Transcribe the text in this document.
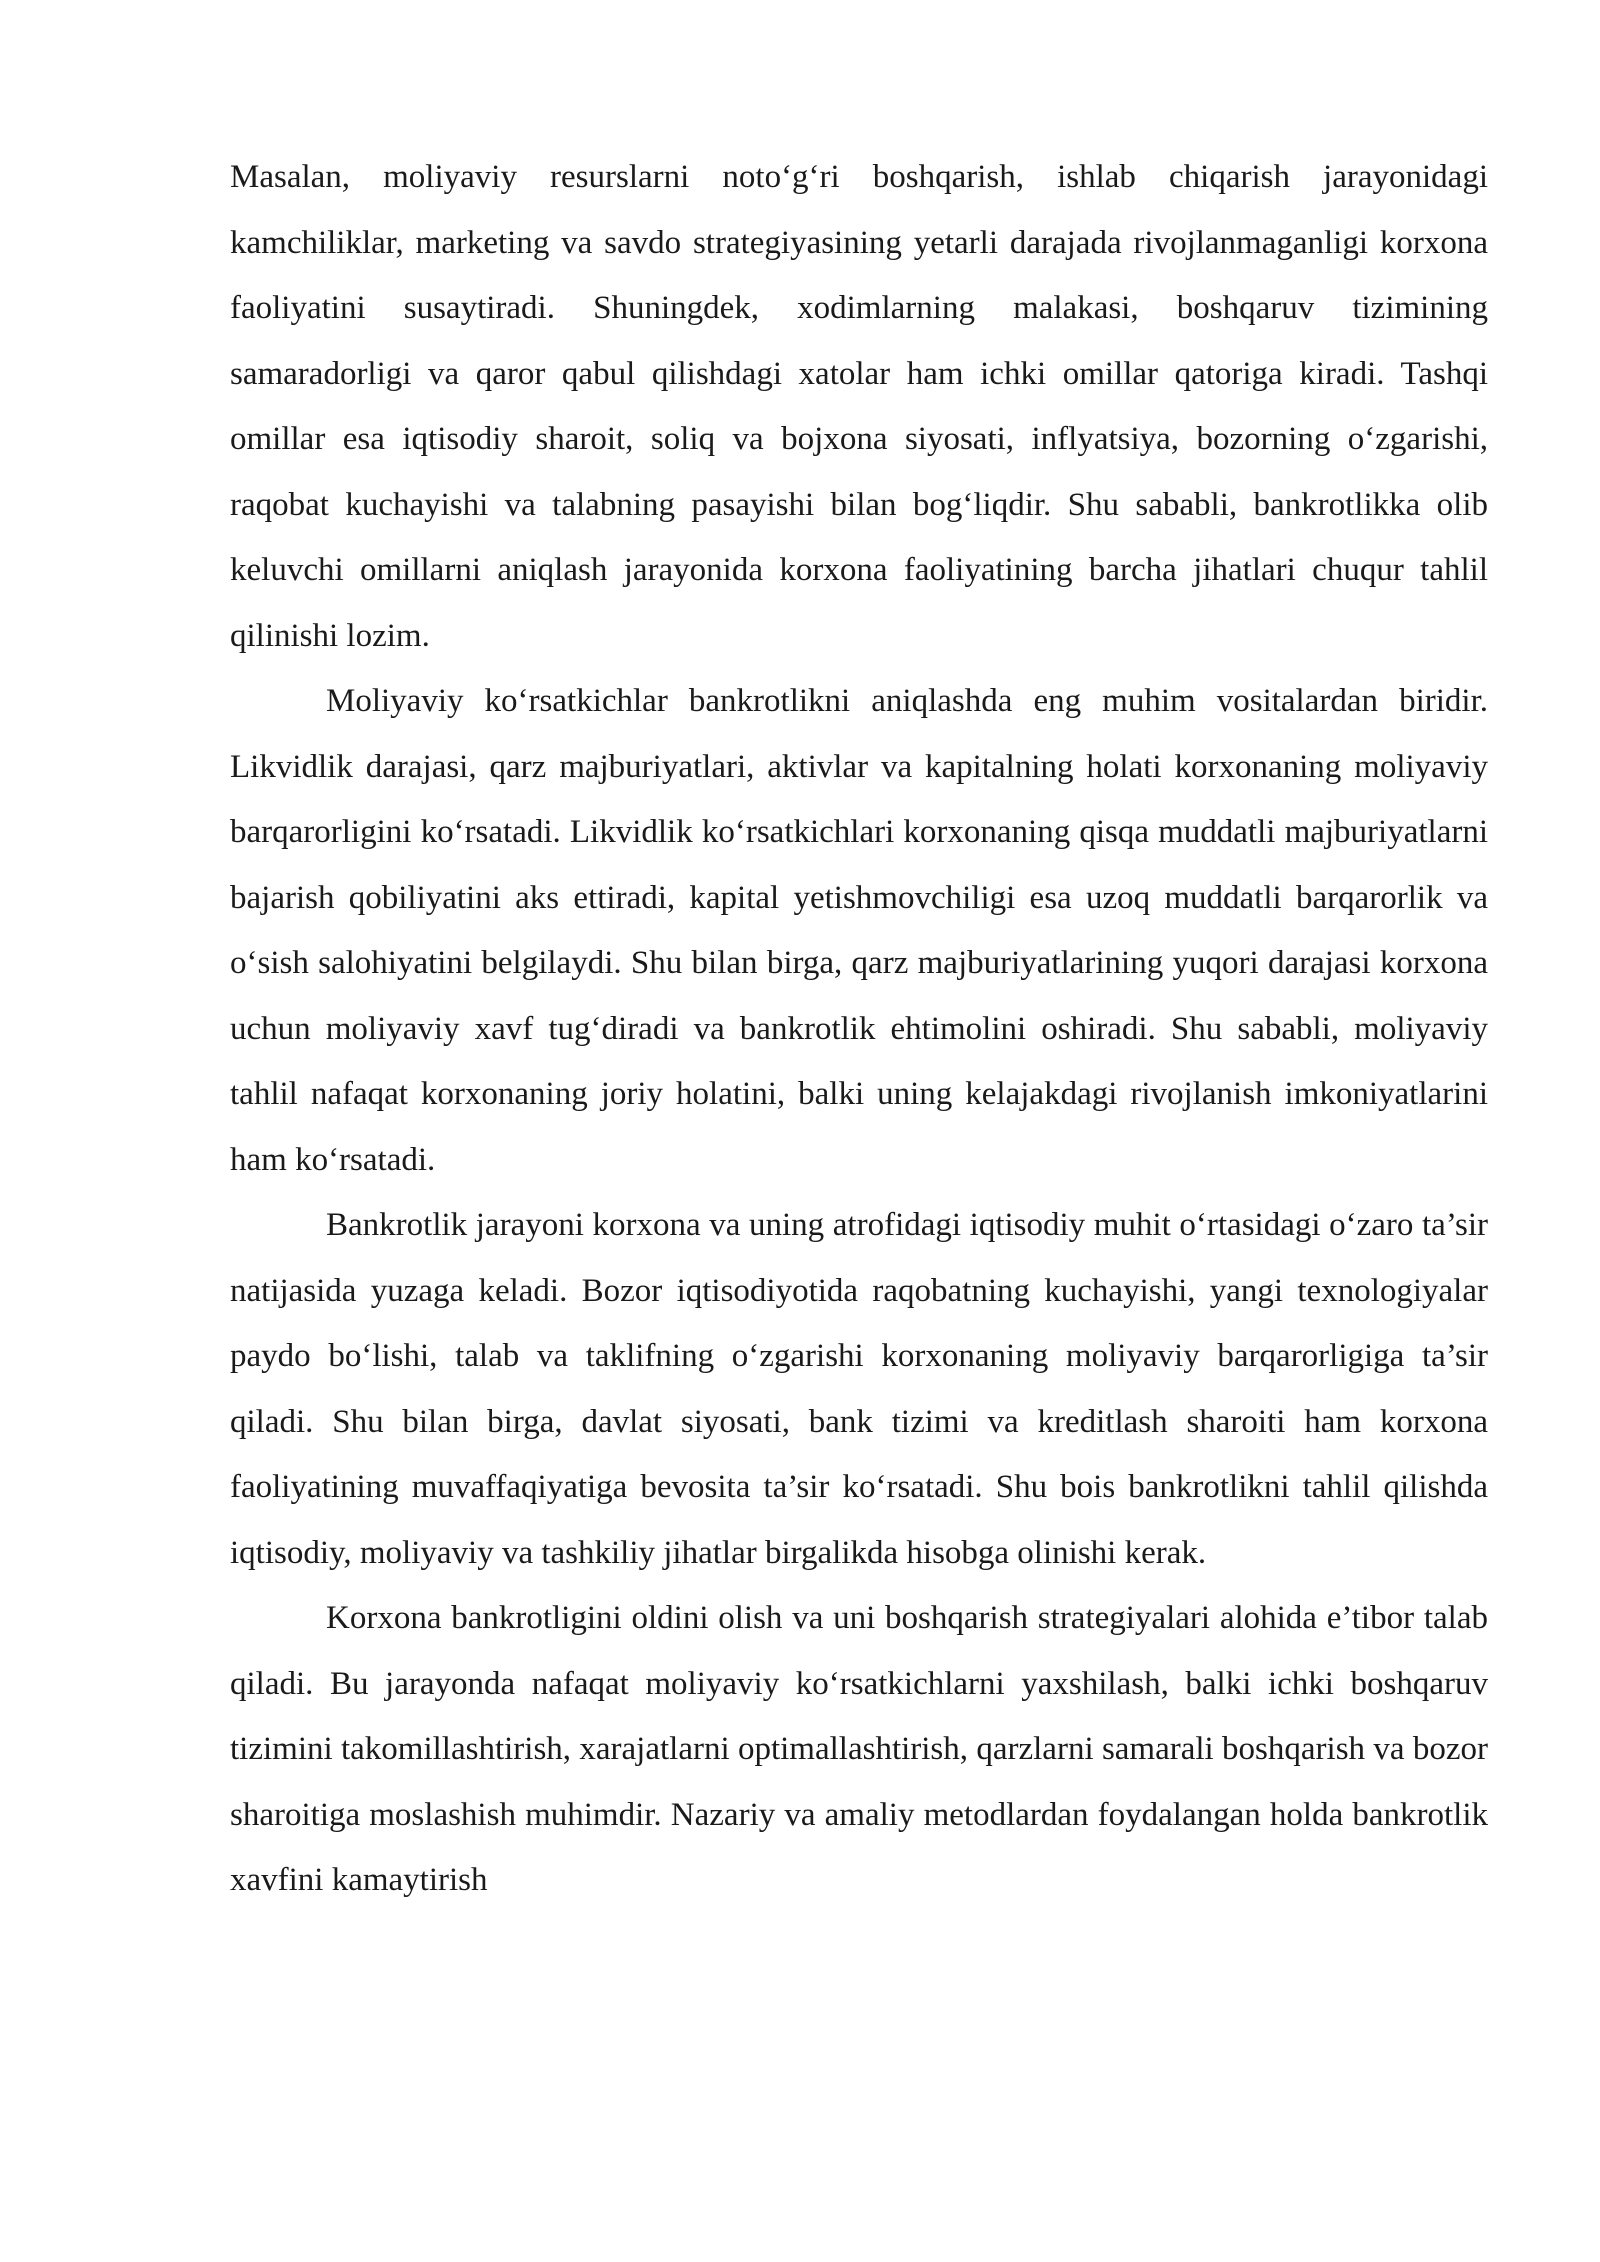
Masalan, moliyaviy resurslarni noto‘g‘ri boshqarish, ishlab chiqarish jarayonidagi kamchiliklar, marketing va savdo strategiyasining yetarli darajada rivojlanmaganligi korxona faoliyatini susaytiradi. Shuningdek, xodimlarning malakasi, boshqaruv tizimining samaradorligi va qaror qabul qilishdagi xatolar ham ichki omillar qatoriga kiradi. Tashqi omillar esa iqtisodiy sharoit, soliq va bojxona siyosati, inflyatsiya, bozorning o‘zgarishi, raqobat kuchayishi va talabning pasayishi bilan bog‘liqdir. Shu sababli, bankrotlikka olib keluvchi omillarni aniqlash jarayonida korxona faoliyatining barcha jihatlari chuqur tahlil qilinishi lozim.

Moliyaviy ko‘rsatkichlar bankrotlikni aniqlashda eng muhim vositalardan biridir. Likvidlik darajasi, qarz majburiyatlari, aktivlar va kapitalning holati korxonaning moliyaviy barqarorligini ko‘rsatadi. Likvidlik ko‘rsatkichlari korxonaning qisqa muddatli majburiyatlarni bajarish qobiliyatini aks ettiradi, kapital yetishmovchiligi esa uzoq muddatli barqarorlik va o‘sish salohiyatini belgilaydi. Shu bilan birga, qarz majburiyatlarining yuqori darajasi korxona uchun moliyaviy xavf tug‘diradi va bankrotlik ehtimolini oshiradi. Shu sababli, moliyaviy tahlil nafaqat korxonaning joriy holatini, balki uning kelajakdagi rivojlanish imkoniyatlarini ham ko‘rsatadi.

Bankrotlik jarayoni korxona va uning atrofidagi iqtisodiy muhit o‘rtasidagi o‘zaro ta’sir natijasida yuzaga keladi. Bozor iqtisodiyotida raqobatning kuchayishi, yangi texnologiyalar paydo bo‘lishi, talab va taklifning o‘zgarishi korxonaning moliyaviy barqarorligiga ta’sir qiladi. Shu bilan birga, davlat siyosati, bank tizimi va kreditlash sharoiti ham korxona faoliyatining muvaffaqiyatiga bevosita ta’sir ko‘rsatadi. Shu bois bankrotlikni tahlil qilishda iqtisodiy, moliyaviy va tashkiliy jihatlar birgalikda hisobga olinishi kerak.

Korxona bankrotligini oldini olish va uni boshqarish strategiyalari alohida e’tibor talab qiladi. Bu jarayonda nafaqat moliyaviy ko‘rsatkichlarni yaxshilash, balki ichki boshqaruv tizimini takomillashtirish, xarajatlarni optimallashtirish, qarzlarni samarali boshqarish va bozor sharoitiga moslashish muhimdir. Nazariy va amaliy metodlardan foydalangan holda bankrotlik xavfini kamaytirish
